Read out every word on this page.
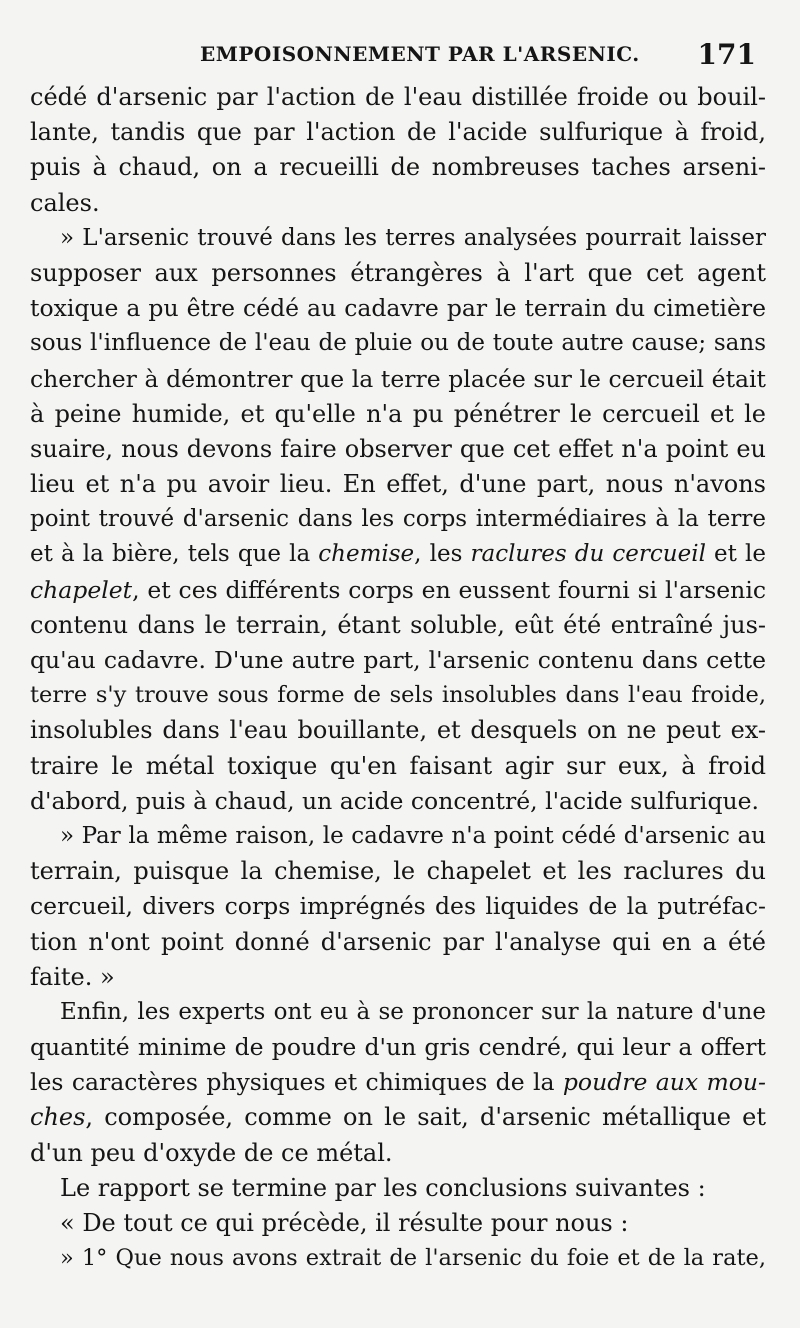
EMPOISONNEMENT PAR L'ARSENIC. 171
cédé d'arsenic par l'action de l'eau distillée froide ou bouil-
lante, tandis que par l'action de l'acide sulfurique à froid,
puis à chaud, on a recueilli de nombreuses taches arseni-
cales.
» L'arsenic trouvé dans les terres analysées pourrait laisser
supposer aux personnes étrangères à l'art que cet agent
toxique a pu être cédé au cadavre par le terrain du cimetière
sous l'influence de l'eau de pluie ou de toute autre cause; sans
chercher à démontrer que la terre placée sur le cercueil était
à peine humide, et qu'elle n'a pu pénétrer le cercueil et le
suaire, nous devons faire observer que cet effet n'a point eu
lieu et n'a pu avoir lieu. En effet, d'une part, nous n'avons
point trouvé d'arsenic dans les corps intermédiaires à la terre
et à la bière, tels que la chemise, les raclures du cercueil et le
chapelet, et ces différents corps en eussent fourni si l'arsenic
contenu dans le terrain, étant soluble, eût été entraîné jus-
qu'au cadavre. D'une autre part, l'arsenic contenu dans cette
terre s'y trouve sous forme de sels insolubles dans l'eau froide,
insolubles dans l'eau bouillante, et desquels on ne peut ex-
traire le métal toxique qu'en faisant agir sur eux, à froid
d'abord, puis à chaud, un acide concentré, l'acide sulfurique.
» Par la même raison, le cadavre n'a point cédé d'arsenic au
terrain, puisque la chemise, le chapelet et les raclures du
cercueil, divers corps imprégnés des liquides de la putréfac-
tion n'ont point donné d'arsenic par l'analyse qui en a été
faite. »
Enfin, les experts ont eu à se prononcer sur la nature d'une
quantité minime de poudre d'un gris cendré, qui leur a offert
les caractères physiques et chimiques de la poudre aux mou-
ches, composée, comme on le sait, d'arsenic métallique et
d'un peu d'oxyde de ce métal.
Le rapport se termine par les conclusions suivantes :
« De tout ce qui précède, il résulte pour nous :
» 1° Que nous avons extrait de l'arsenic du foie et de la rate,
